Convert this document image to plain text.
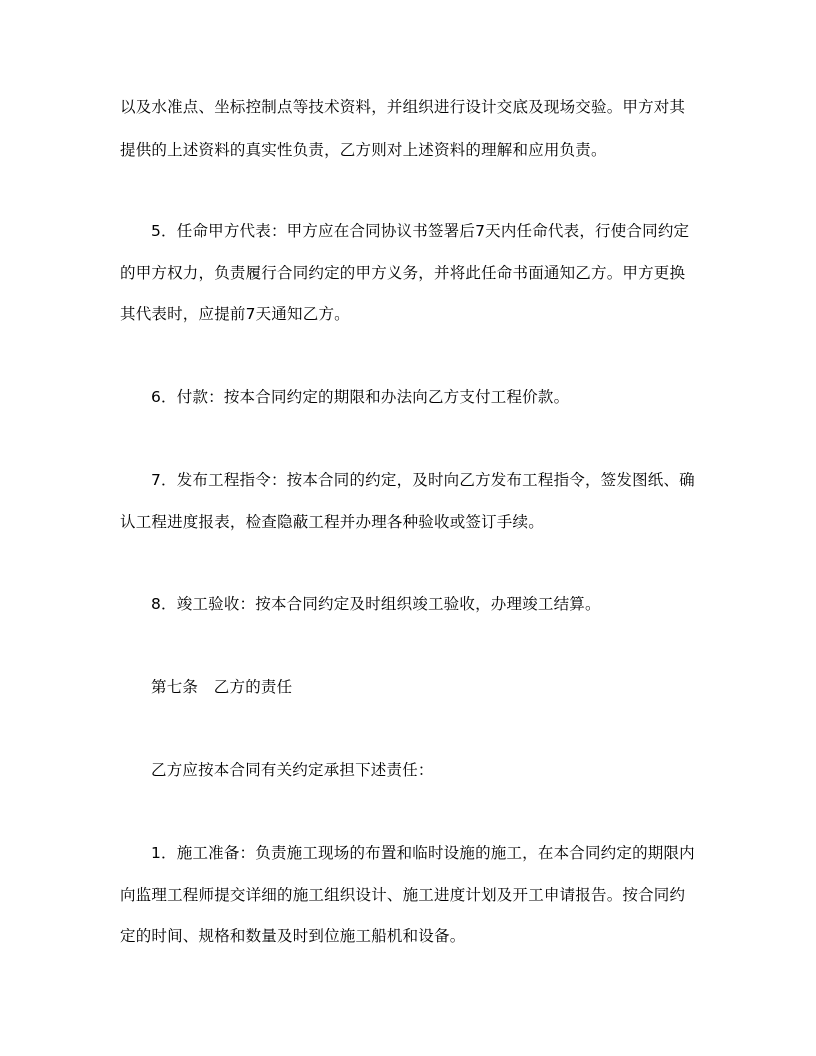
以及水准点、坐标控制点等技术资料，并组织进行设计交底及现场交验。甲方对其
提供的上述资料的真实性负责，乙方则对上述资料的理解和应用负责。
5．任命甲方代表：甲方应在合同协议书签署后7天内任命代表，行使合同约定
的甲方权力，负责履行合同约定的甲方义务，并将此任命书面通知乙方。甲方更换
其代表时，应提前7天通知乙方。
6．付款：按本合同约定的期限和办法向乙方支付工程价款。
7．发布工程指令：按本合同的约定，及时向乙方发布工程指令，签发图纸、确
认工程进度报表，检查隐蔽工程并办理各种验收或签订手续。
8．竣工验收：按本合同约定及时组织竣工验收，办理竣工结算。
第七条　乙方的责任
乙方应按本合同有关约定承担下述责任：
1．施工准备：负责施工现场的布置和临时设施的施工，在本合同约定的期限内
向监理工程师提交详细的施工组织设计、施工进度计划及开工申请报告。按合同约
定的时间、规格和数量及时到位施工船机和设备。
